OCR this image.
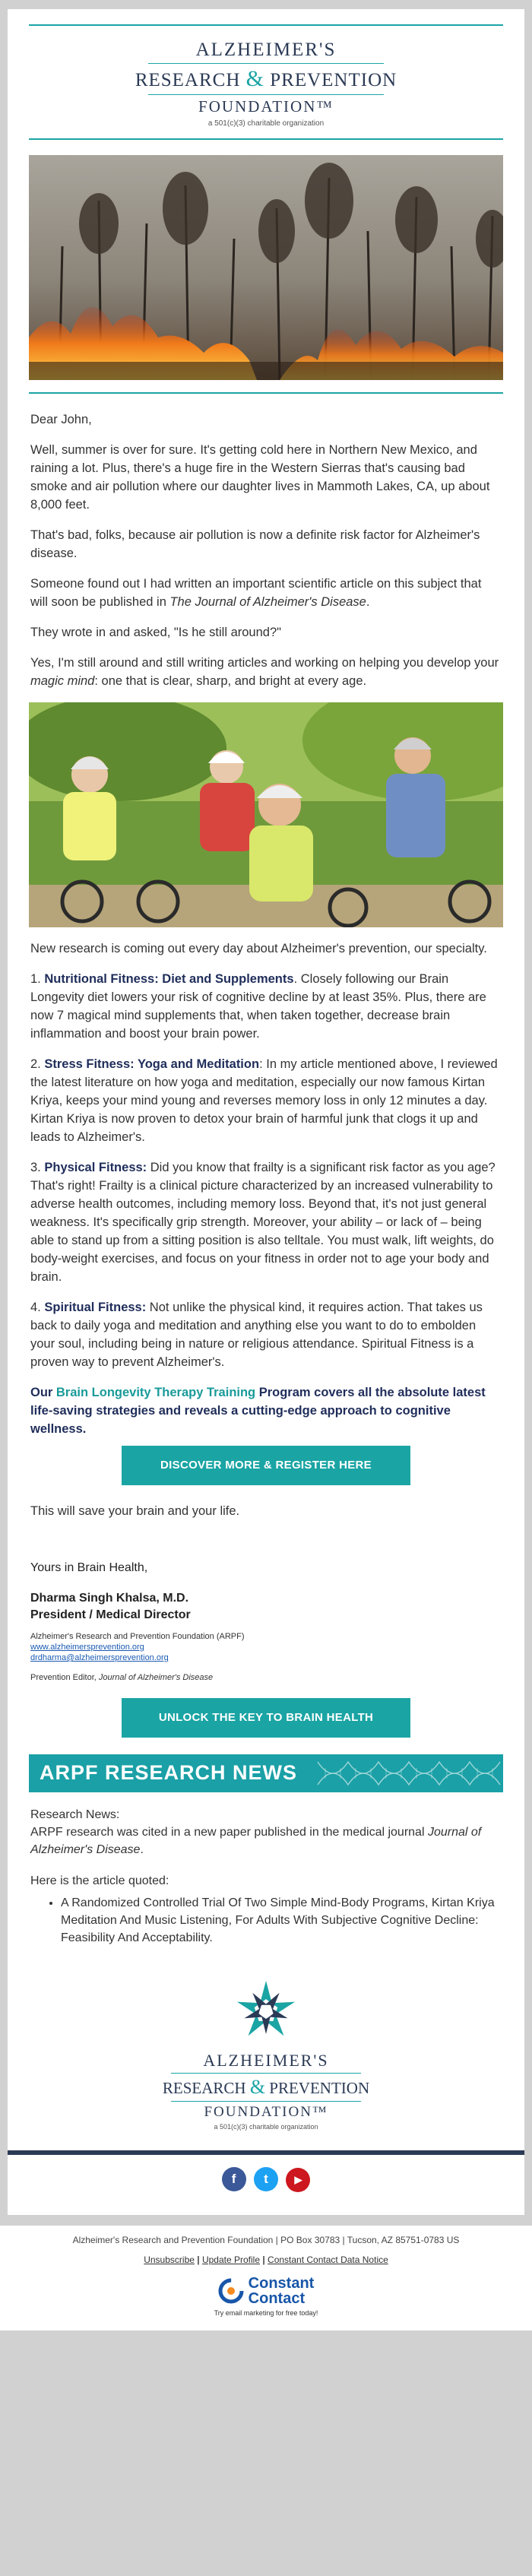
ALZHEIMER'S
RESEARCH & PREVENTION
FOUNDATION™
a 501(c)(3) charitable organization

Dear John,

Well, summer is over for sure. It's getting cold here in Northern New Mexico, and raining a lot. Plus, there's a huge fire in the Western Sierras that's causing bad smoke and air pollution where our daughter lives in Mammoth Lakes, CA, up about 8,000 feet.

That's bad, folks, because air pollution is now a definite risk factor for Alzheimer's disease.

Someone found out I had written an important scientific article on this subject that will soon be published in The Journal of Alzheimer's Disease.

They wrote in and asked, "Is he still around?"

Yes, I'm still around and still writing articles and working on helping you develop your magic mind: one that is clear, sharp, and bright at every age.

New research is coming out every day about Alzheimer's prevention, our specialty.

1. Nutritional Fitness: Diet and Supplements. Closely following our Brain Longevity diet lowers your risk of cognitive decline by at least 35%. Plus, there are now 7 magical mind supplements that, when taken together, decrease brain inflammation and boost your brain power.

2. Stress Fitness: Yoga and Meditation: In my article mentioned above, I reviewed the latest literature on how yoga and meditation, especially our now famous Kirtan Kriya, keeps your mind young and reverses memory loss in only 12 minutes a day. Kirtan Kriya is now proven to detox your brain of harmful junk that clogs it up and leads to Alzheimer's.

3. Physical Fitness: Did you know that frailty is a significant risk factor as you age? That's right! Frailty is a clinical picture characterized by an increased vulnerability to adverse health outcomes, including memory loss. Beyond that, it's not just general weakness. It's specifically grip strength. Moreover, your ability – or lack of – being able to stand up from a sitting position is also telltale. You must walk, lift weights, do body-weight exercises, and focus on your fitness in order not to age your body and brain.

4. Spiritual Fitness: Not unlike the physical kind, it requires action. That takes us back to daily yoga and meditation and anything else you want to do to embolden your soul, including being in nature or religious attendance. Spiritual Fitness is a proven way to prevent Alzheimer's.

Our Brain Longevity Therapy Training Program covers all the absolute latest life-saving strategies and reveals a cutting-edge approach to cognitive wellness.

DISCOVER MORE & REGISTER HERE

This will save your brain and your life.

Yours in Brain Health,
Dharma Singh Khalsa, M.D.
President / Medical Director
Alzheimer's Research and Prevention Foundation (ARPF)
www.alzheimersprevention.org
drdharma@alzheimersprevention.org
Prevention Editor, Journal of Alzheimer's Disease
UNLOCK THE KEY TO BRAIN HEALTH
ARPF RESEARCH NEWS
Research News:
ARPF research was cited in a new paper published in the medical journal Journal of Alzheimer's Disease.
Here is the article quoted:
• A Randomized Controlled Trial Of Two Simple Mind-Body Programs, Kirtan Kriya Meditation And Music Listening, For Adults With Subjective Cognitive Decline: Feasibility And Acceptability.
ALZHEIMER'S
RESEARCH & PREVENTION
FOUNDATION™
a 501(c)(3) charitable organization
f t	▶
Alzheimer's Research and Prevention Foundation | PO Box 30783 | Tucson, AZ 85751-0783 US
Unsubscribe | Update Profile | Constant Contact Data Notice
Constant
Contact
Try email marketing for free today!
